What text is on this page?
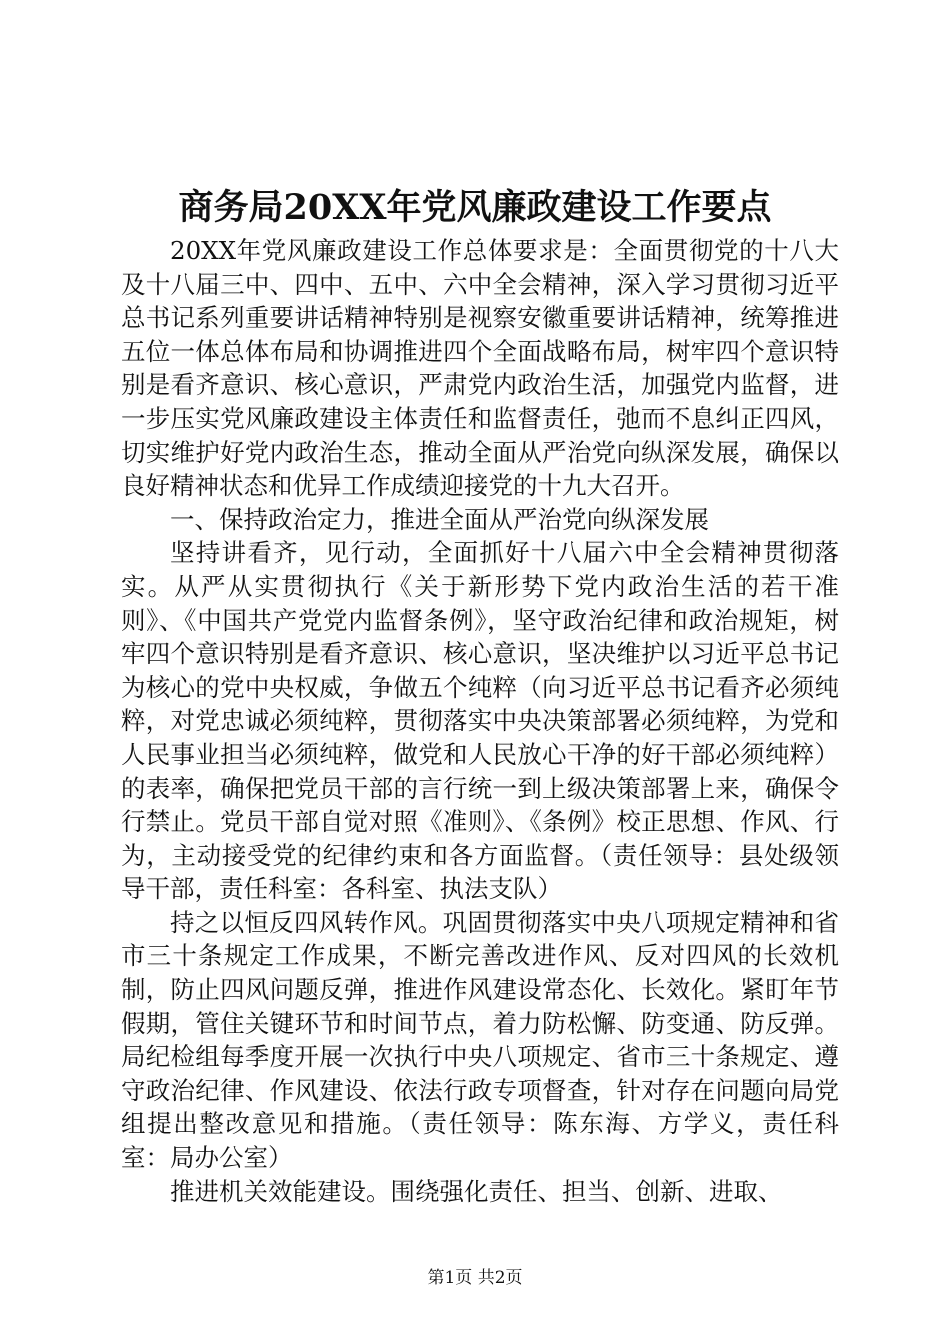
商务局20XX年党风廉政建设工作要点

20XX年党风廉政建设工作总体要求是：全面贯彻党的十八大及十八届三中、四中、五中、六中全会精神，深入学习贯彻习近平总书记系列重要讲话精神特别是视察安徽重要讲话精神，统筹推进五位一体总体布局和协调推进四个全面战略布局，树牢四个意识特别是看齐意识、核心意识，严肃党内政治生活，加强党内监督，进一步压实党风廉政建设主体责任和监督责任，弛而不息纠正四风，切实维护好党内政治生态，推动全面从严治党向纵深发展，确保以良好精神状态和优异工作成绩迎接党的十九大召开。

一、保持政治定力，推进全面从严治党向纵深发展

坚持讲看齐，见行动，全面抓好十八届六中全会精神贯彻落实。从严从实贯彻执行《关于新形势下党内政治生活的若干准则》、《中国共产党党内监督条例》，坚守政治纪律和政治规矩，树牢四个意识特别是看齐意识、核心意识，坚决维护以习近平总书记为核心的党中央权威，争做五个纯粹（向习近平总书记看齐必须纯粹，对党忠诚必须纯粹，贯彻落实中央决策部署必须纯粹，为党和人民事业担当必须纯粹，做党和人民放心干净的好干部必须纯粹）的表率，确保把党员干部的言行统一到上级决策部署上来，确保令行禁止。党员干部自觉对照《准则》、《条例》校正思想、作风、行为，主动接受党的纪律约束和各方面监督。（责任领导：县处级领导干部，责任科室：各科室、执法支队）

持之以恒反四风转作风。巩固贯彻落实中央八项规定精神和省市三十条规定工作成果，不断完善改进作风、反对四风的长效机制，防止四风问题反弹，推进作风建设常态化、长效化。紧盯年节假期，管住关键环节和时间节点，着力防松懈、防变通、防反弹。局纪检组每季度开展一次执行中央八项规定、省市三十条规定、遵守政治纪律、作风建设、依法行政专项督查，针对存在问题向局党组提出整改意见和措施。（责任领导：陈东海、方学义，责任科室：局办公室）

推进机关效能建设。围绕强化责任、担当、创新、进取、

第1页 共2页
